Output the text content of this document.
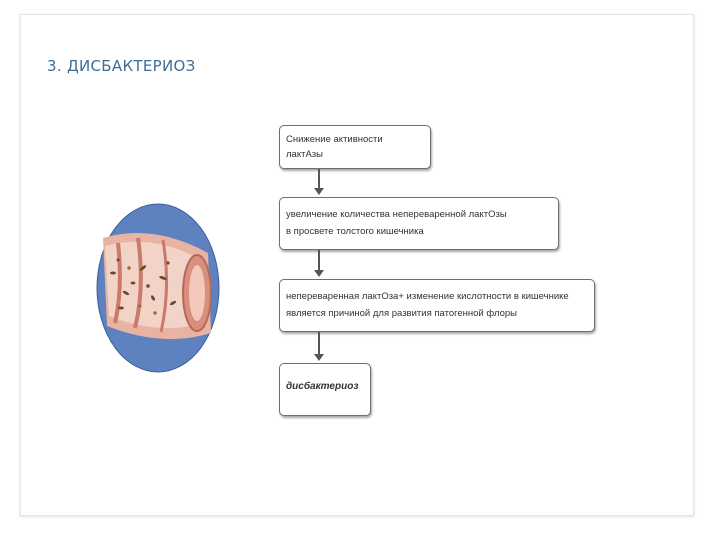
3. ДИСБАКТЕРИОЗ
Снижение активности
лактАзы
увеличение количества непереваренной лактОзы
в просвете толстого кишечника
непереваренная лактОза+ изменение кислотности в кишечнике
является причиной для развития патогенной флоры
дисбактериоз
